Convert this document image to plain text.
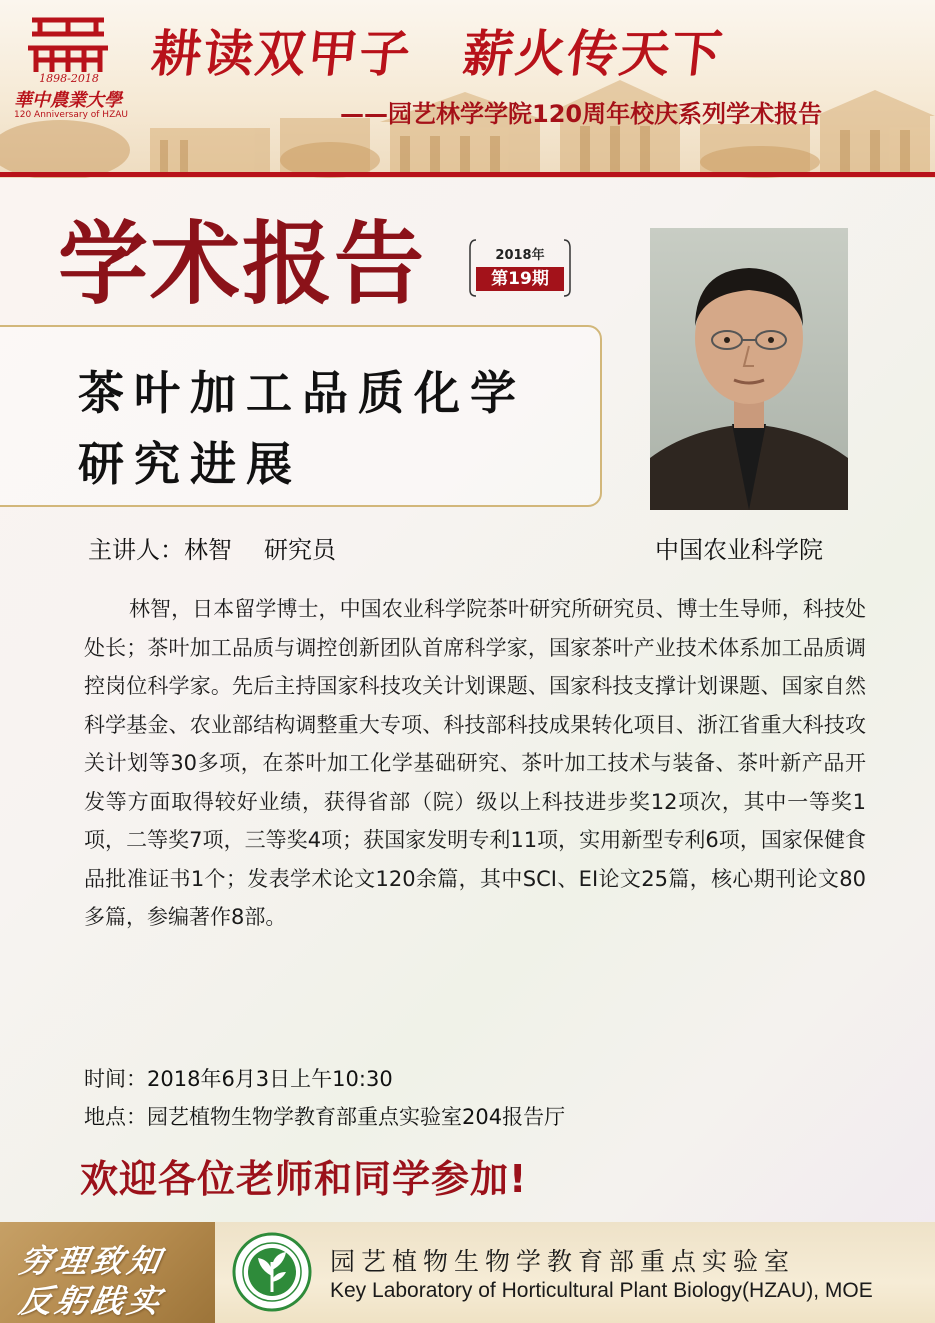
1898-2018
華中農業大學
120 Anniversary of HZAU
耕读双甲子　薪火传天下
——园艺林学学院120周年校庆系列学术报告
学术报告	2018年
第19期
茶叶加工品质化学
研究进展
主讲人：林智 研究员	中国农业科学院
林智，日本留学博士，中国农业科学院茶叶研究所研究员、博士生导师，科技处处长；茶叶加工品质与调控创新团队首席科学家，国家茶叶产业技术体系加工品质调控岗位科学家。先后主持国家科技攻关计划课题、国家科技支撑计划课题、国家自然科学基金、农业部结构调整重大专项、科技部科技成果转化项目、浙江省重大科技攻关计划等30多项，在茶叶加工化学基础研究、茶叶加工技术与装备、茶叶新产品开发等方面取得较好业绩，获得省部（院）级以上科技进步奖12项次，其中一等奖1项，二等奖7项，三等奖4项；获国家发明专利11项，实用新型专利6项，国家保健食品批准证书1个；发表学术论文120余篇，其中SCI、EI论文25篇，核心期刊论文80多篇，参编著作8部。
时间：2018年6月3日上午10:30
地点：园艺植物生物学教育部重点实验室204报告厅
欢迎各位老师和同学参加!
穷理致知
反躬践实
园艺植物生物学教育部重点实验室
Key Laboratory of Horticultural Plant Biology(HZAU), MOE
